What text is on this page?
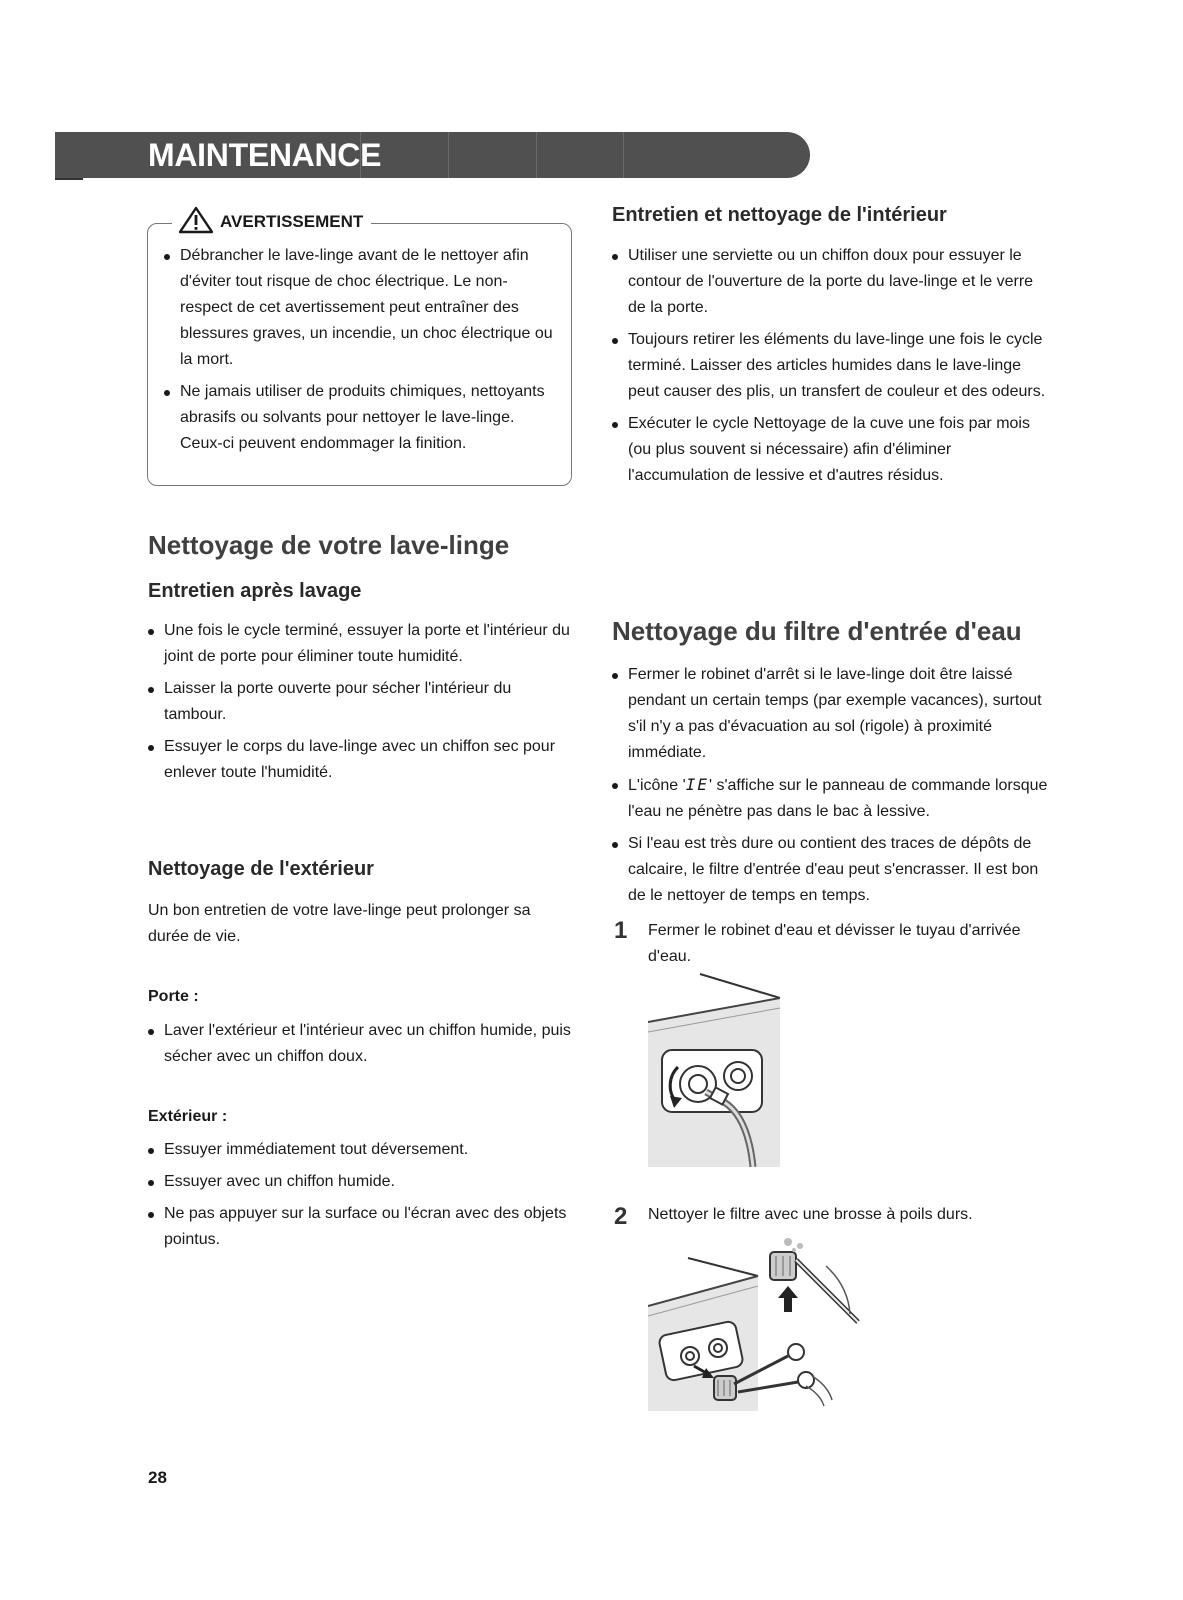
MAINTENANCE
AVERTISSEMENT
Débrancher le lave-linge avant de le nettoyer afin d'éviter tout risque de choc électrique. Le non-respect de cet avertissement peut entraîner des blessures graves, un incendie, un choc électrique ou la mort.
Ne jamais utiliser de produits chimiques, nettoyants abrasifs ou solvants pour nettoyer le lave-linge. Ceux-ci peuvent endommager la finition.
Nettoyage de votre lave-linge
Entretien après lavage
Une fois le cycle terminé, essuyer la porte et l'intérieur du joint de porte pour éliminer toute humidité.
Laisser la porte ouverte pour sécher l'intérieur du tambour.
Essuyer le corps du lave-linge avec un chiffon sec pour enlever toute l'humidité.
Nettoyage de l'extérieur

Un bon entretien de votre lave-linge peut prolonger sa durée de vie.

Porte :
Laver l'extérieur et l'intérieur avec un chiffon humide, puis sécher avec un chiffon doux.
Extérieur :
Essuyer immédiatement tout déversement.
Essuyer avec un chiffon humide.
Ne pas appuyer sur la surface ou l'écran avec des objets pointus.
Entretien et nettoyage de l'intérieur
Utiliser une serviette ou un chiffon doux pour essuyer le contour de l'ouverture de la porte du lave-linge et le verre de la porte.
Toujours retirer les éléments du lave-linge une fois le cycle terminé. Laisser des articles humides dans le lave-linge peut causer des plis, un transfert de couleur et des odeurs.
Exécuter le cycle Nettoyage de la cuve une fois par mois (ou plus souvent si nécessaire) afin d'éliminer l'accumulation de lessive et d'autres résidus.
Nettoyage du filtre d'entrée d'eau
Fermer le robinet d'arrêt si le lave-linge doit être laissé pendant un certain temps (par exemple vacances), surtout s'il n'y a pas d'évacuation au sol (rigole) à proximité immédiate.
L'icône 'IE' s'affiche sur le panneau de commande lorsque l'eau ne pénètre pas dans le bac à lessive.
Si l'eau est très dure ou contient des traces de dépôts de calcaire, le filtre d'entrée d'eau peut s'encrasser. Il est bon de le nettoyer de temps en temps.
1 Fermer le robinet d'eau et dévisser le tuyau d'arrivée d'eau.
2 Nettoyer le filtre avec une brosse à poils durs.
28
